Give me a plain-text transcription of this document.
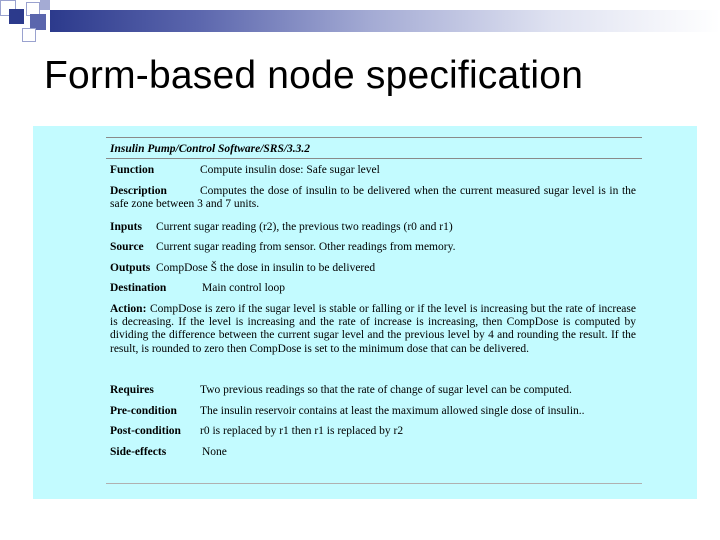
Form-based node specification
Insulin Pump/Control Software/SRS/3.3.2
Function	Compute insulin dose: Safe sugar level
Description	Computes the dose of insulin to be delivered when the current measured sugar level is in the safe zone between 3 and 7 units.
Inputs Current sugar reading (r2), the previous two readings (r0 and r1)
Source Current sugar reading from sensor. Other readings from memory.
Outputs CompDose Š the dose in insulin to be delivered
Destination	Main control loop
Action: CompDose is zero if the sugar level is stable or falling or if the level is increasing but the rate of increase is decreasing. If the level is increasing and the rate of increase is increasing, then CompDose is computed by dividing the difference between the current sugar level and the previous level by 4 and rounding the result. If the result, is rounded to zero then CompDose is set to the minimum dose that can be delivered.
Requires	Two previous readings so that the rate of change of sugar level can be computed.
Pre-condition The insulin reservoir contains at least the maximum allowed single dose of insulin..
Post-condition r0 is replaced by r1 then r1 is replaced by r2
Side-effects	None
